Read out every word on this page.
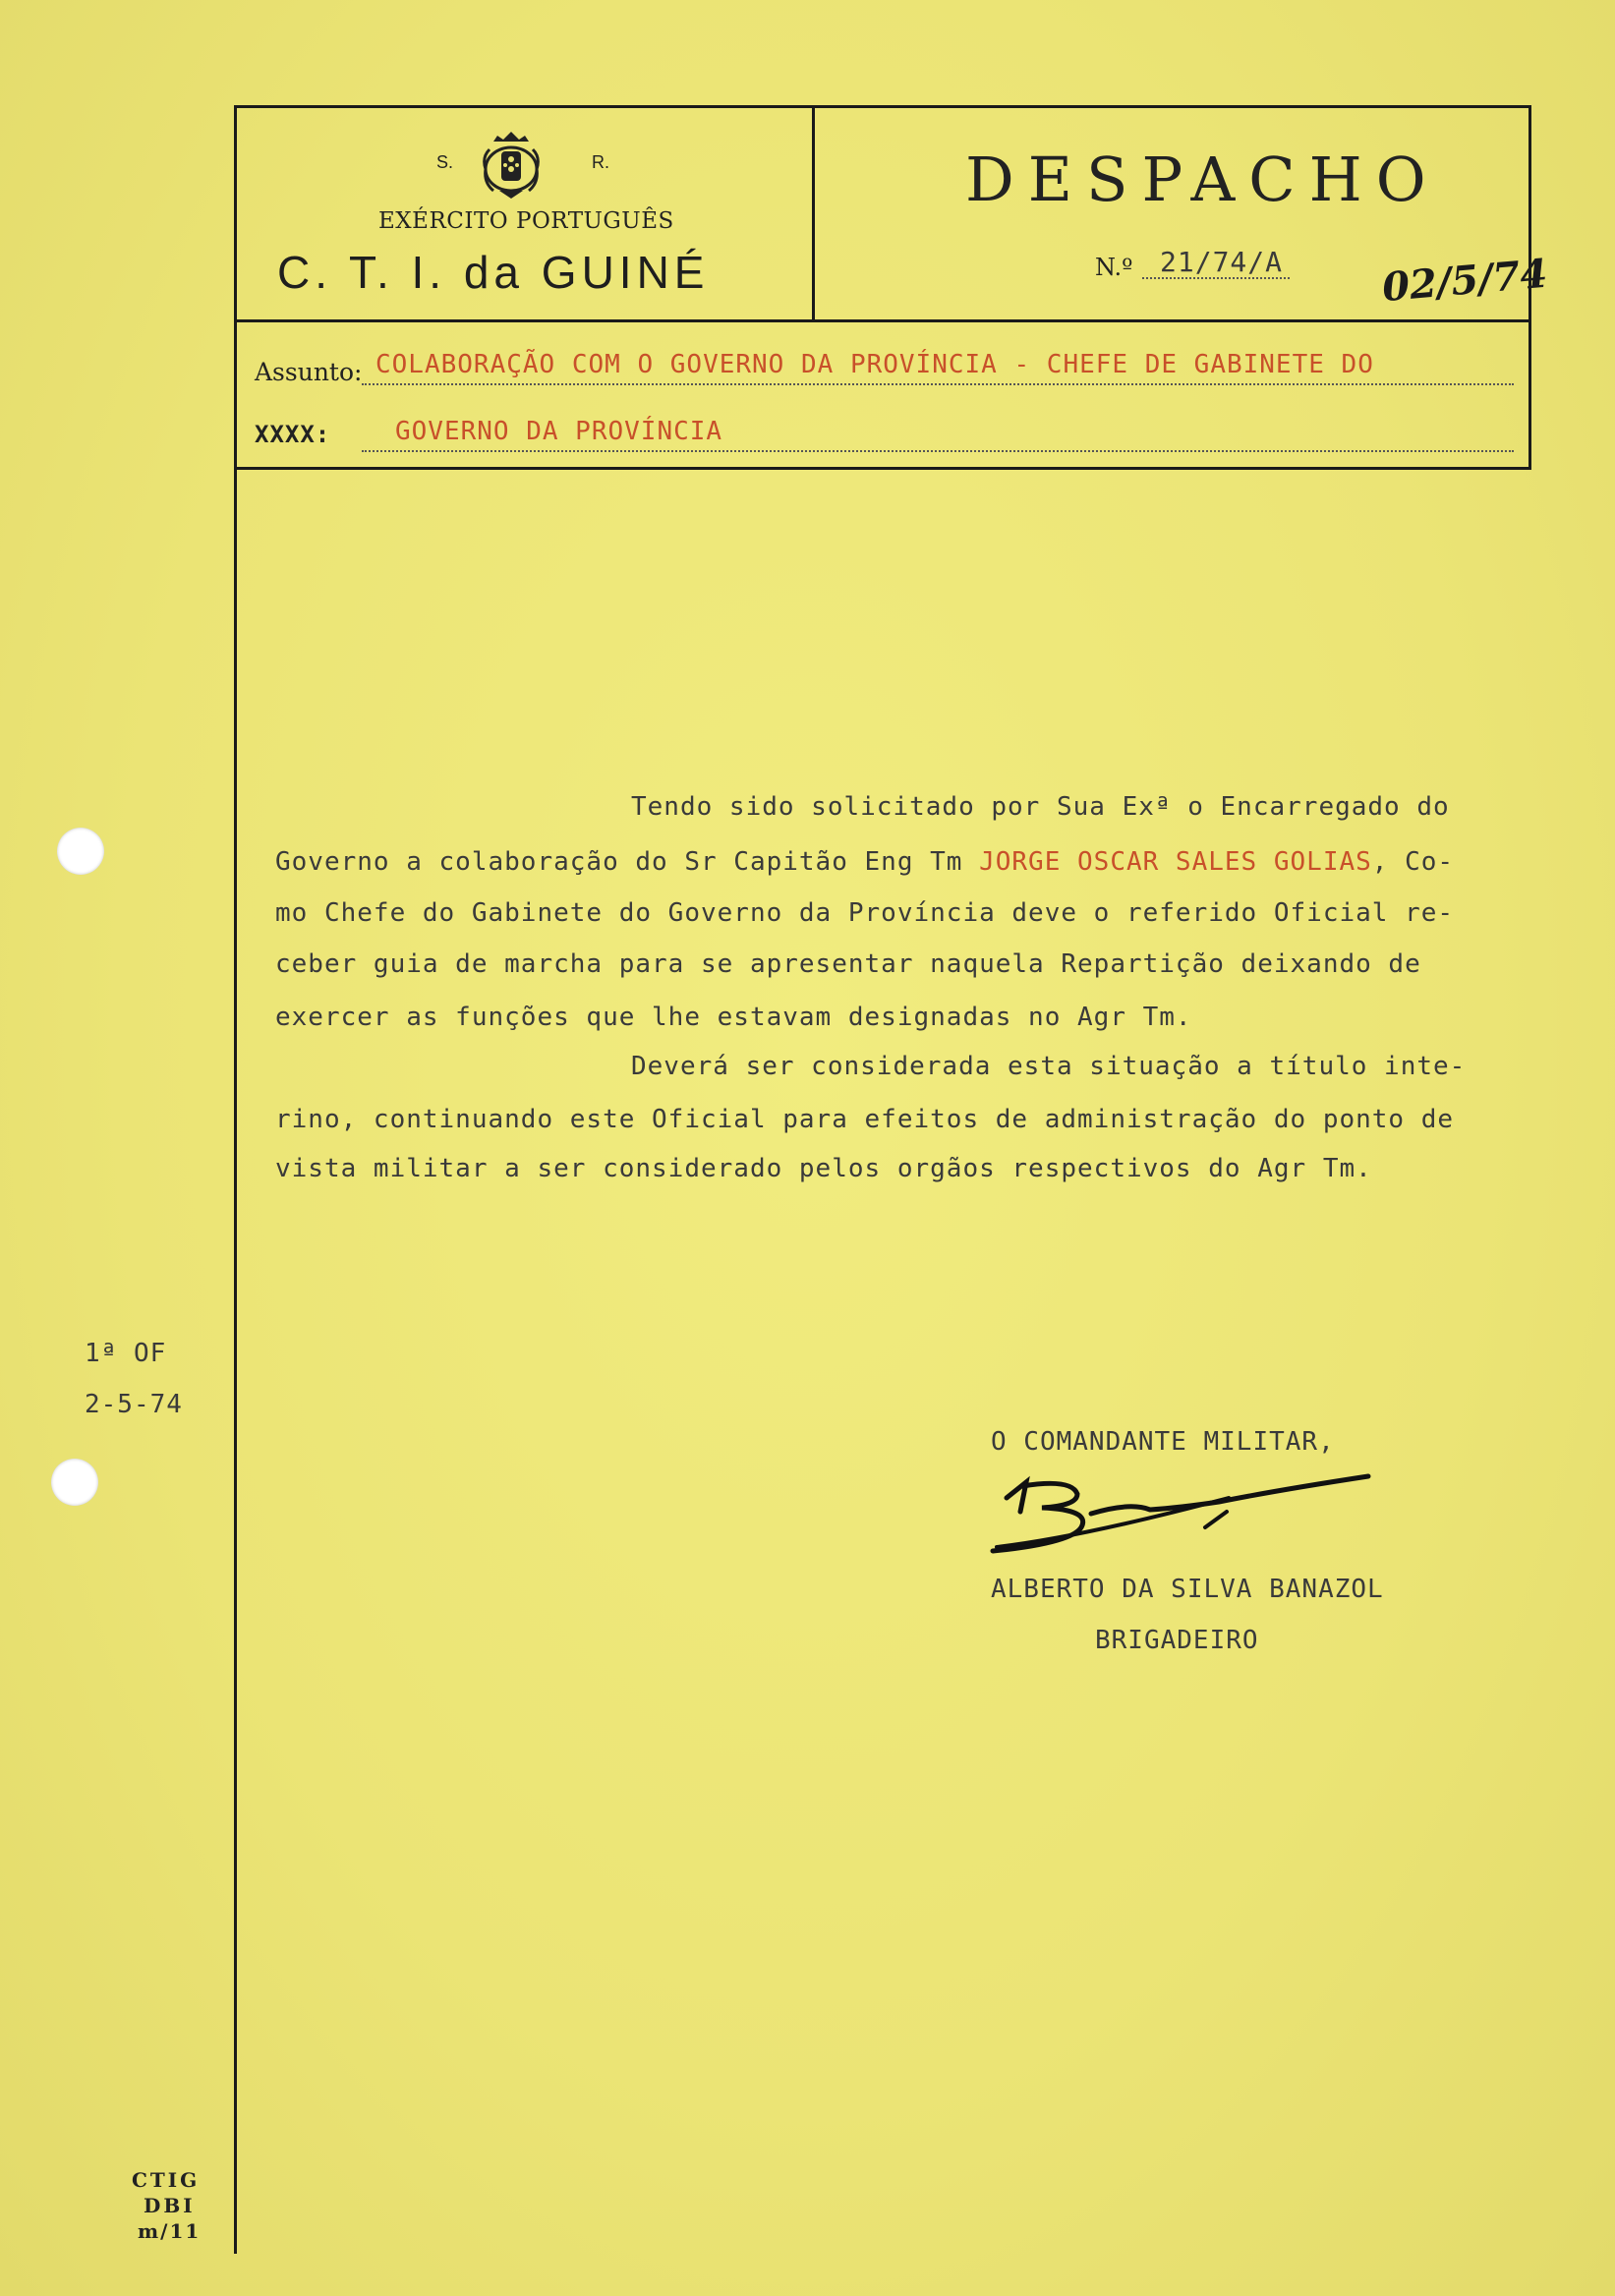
S.	R.
EXÉRCITO PORTUGUÊS
C. T. I. da GUINÉ
DESPACHO
N.º 21/74/A 02/5/74
Assunto: COLABORAÇÃO COM O GOVERNO DA PROVÍNCIA - CHEFE DE GABINETE DO
XXXX:	GOVERNO DA PROVÍNCIA
Tendo sido solicitado por Sua Exª o Encarregado do
Governo a colaboração do Sr Capitão Eng Tm JORGE OSCAR SALES GOLIAS, Co-
mo Chefe do Gabinete do Governo da Província deve o referido Oficial re-
ceber guia de marcha para se apresentar naquela Repartição deixando de
exercer as funções que lhe estavam designadas no Agr Tm.
Deverá ser considerada esta situação a título inte-
rino, continuando este Oficial para efeitos de administração do ponto de
vista militar a ser considerado pelos orgãos respectivos do Agr Tm.
1ª OF
2-5-74
O COMANDANTE MILITAR,
ALBERTO DA SILVA BANAZOL
BRIGADEIRO
CTIG
DBI
m/11
